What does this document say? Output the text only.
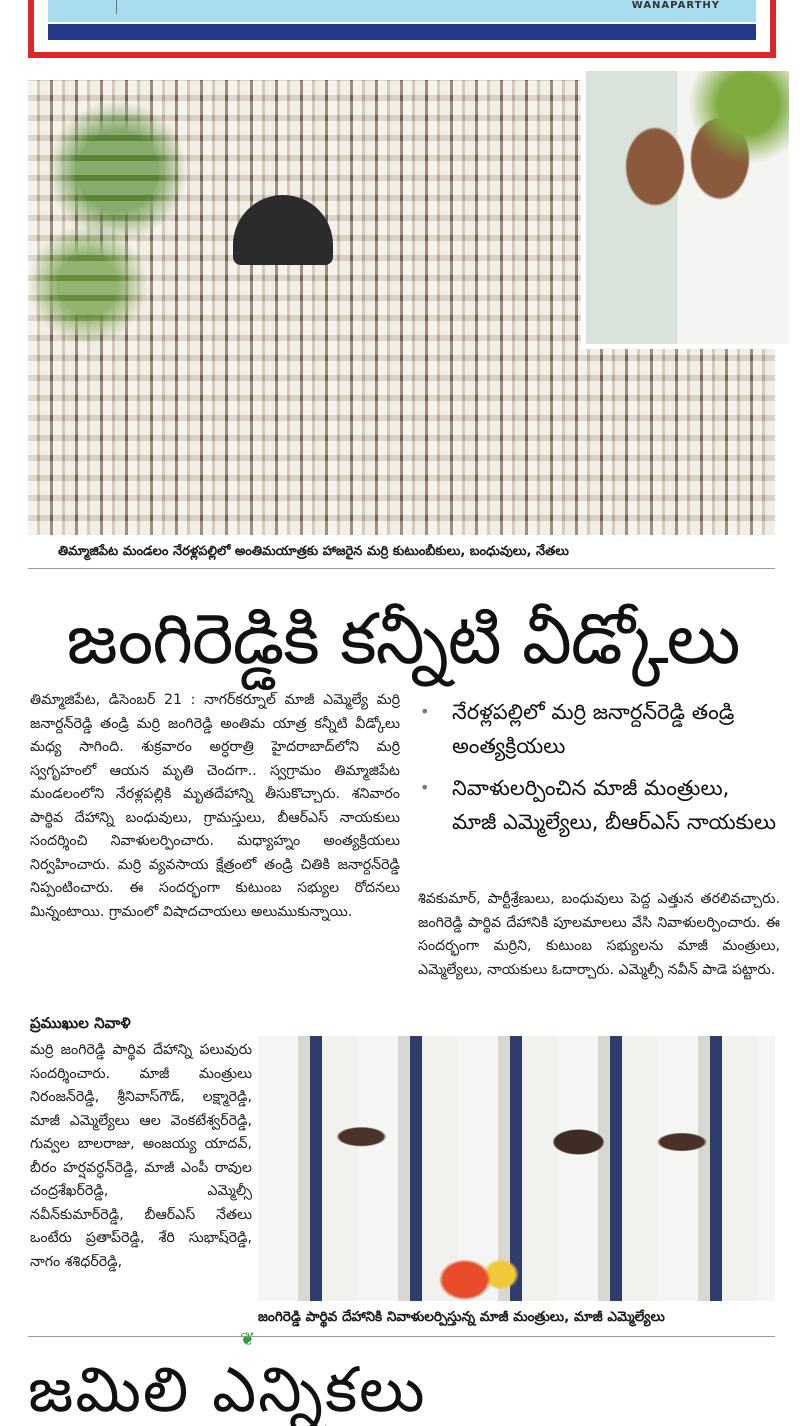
WANAPARTHY
తిమ్మాజిపేట మండలం నేరళ్లపల్లిలో అంతిమయాత్రకు హాజరైన మర్రి కుటుంబీకులు, బంధువులు, నేతలు
జంగిరెడ్డికి కన్నీటి వీడ్కోలు
తిమ్మాజిపేట, డిసెంబర్ 21 : నాగర్‌కర్నూల్ మాజీ ఎమ్మెల్యే మర్రి జనార్దన్‌రెడ్డి తండ్రి మర్రి జంగిరెడ్డి అంతిమ యాత్ర కన్నీటి వీడ్కోలు మధ్య సాగింది. శుక్రవారం అర్ధరాత్రి హైదరాబాద్‌లోని మర్రి స్వగృహంలో ఆయన మృతి చెందగా.. స్వగ్రామం తిమ్మాజిపేట మండలంలోని నేరళ్లపల్లికి మృతదేహాన్ని తీసుకొచ్చారు. శనివారం పార్థివ దేహాన్ని బంధువులు, గ్రామస్తులు, బీఆర్‌ఎస్ నాయకులు సందర్శించి నివాళులర్పించారు. మధ్యాహ్నం అంత్యక్రియలు నిర్వహించారు. మర్రి వ్యవసాయ క్షేత్రంలో తండ్రి చితికి జనార్దన్‌రెడ్డి నిప్పంటించారు. ఈ సందర్భంగా కుటుంబ సభ్యుల రోదనలు మిన్నంటాయి. గ్రామంలో విషాదచాయలు అలుముకున్నాయి.
•	నేరళ్లపల్లిలో మర్రి జనార్దన్‌రెడ్డి తండ్రి అంత్యక్రియలు
•	నివాళులర్పించిన మాజీ మంత్రులు, మాజీ ఎమ్మెల్యేలు, బీఆర్‌ఎస్ నాయకులు
శివకుమార్, పార్టీశ్రేణులు, బంధువులు పెద్ద ఎత్తున తరలివచ్చారు. జంగిరెడ్డి పార్థివ దేహానికి పూలమాలలు వేసి నివాళులర్పించారు. ఈ సందర్భంగా మర్రిని, కుటుంబ సభ్యులను మాజీ మంత్రులు, ఎమ్మెల్యేలు, నాయకులు ఓదార్చారు. ఎమ్మెల్సీ నవీన్ పాడె పట్టారు.
ప్రముఖుల నివాళి
మర్రి జంగిరెడ్డి పార్థివ దేహాన్ని పలువురు సందర్శించారు. మాజీ మంత్రులు నిరంజన్‌రెడ్డి, శ్రీనివాస్‌గౌడ్, లక్ష్మారెడ్డి, మాజీ ఎమ్మెల్యేలు ఆల వెంకటేశ్వర్‌రెడ్డి, గువ్వల బాలరాజు, అంజయ్య యాదవ్, బీరం హర్షవర్ధన్‌రెడ్డి, మాజీ ఎంపీ రావుల చంద్రశేఖర్‌రెడ్డి, ఎమ్మెల్సీ నవీన్‌కుమార్‌రెడ్డి, బీఆర్‌ఎస్ నేతలు ఒంటేరు ప్రతాప్‌రెడ్డి, శేరి సుభాష్‌రెడ్డి, నాగం శశిధర్‌రెడ్డి,
జంగిరెడ్డి పార్థివ దేహానికి నివాళులర్పిస్తున్న మాజీ మంత్రులు, మాజీ ఎమ్మెల్యేలు
❦
జమిలి ఎన్నికలు
